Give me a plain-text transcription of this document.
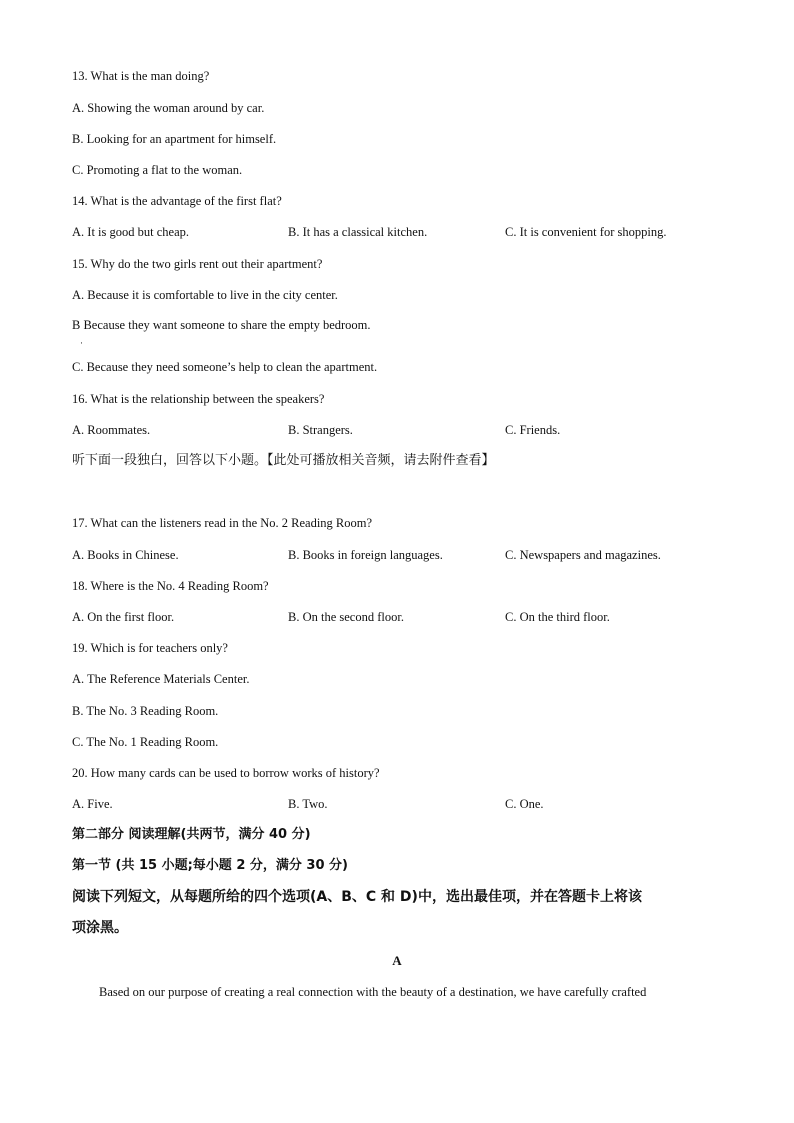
13. What is the man doing?
A. Showing the woman around by car.
B. Looking for an apartment for himself.
C. Promoting a flat to the woman.
14. What is the advantage of the first flat?
A. It is good but cheap.	B. It has a classical kitchen.	C. It is convenient for shopping.
15. Why do the two girls rent out their apartment?
A. Because it is comfortable to live in the city center.
B Because they want someone to share the empty bedroom.
·
C. Because they need someone’s help to clean the apartment.
16. What is the relationship between the speakers?
A. Roommates.	B. Strangers.	C. Friends.
听下面一段独白，回答以下小题。【此处可播放相关音频，请去附件查看】
17. What can the listeners read in the No. 2 Reading Room?
A. Books in Chinese.	B. Books in foreign languages.	C. Newspapers and magazines.
18. Where is the No. 4 Reading Room?
A. On the first floor.	B. On the second floor.	C. On the third floor.
19. Which is for teachers only?
A. The Reference Materials Center.
B. The No. 3 Reading Room.
C. The No. 1 Reading Room.
20. How many cards can be used to borrow works of history?
A. Five.	B. Two.	C. One.
第二部分 阅读理解(共两节，满分 40 分)
第一节 (共 15 小题;每小题 2 分，满分 30 分)
阅读下列短文，从每题所给的四个选项(A、B、C 和 D)中，选出最佳项，并在答题卡上将该
项涂黑。
A
Based on our purpose of creating a real connection with the beauty of a destination, we have carefully crafted
